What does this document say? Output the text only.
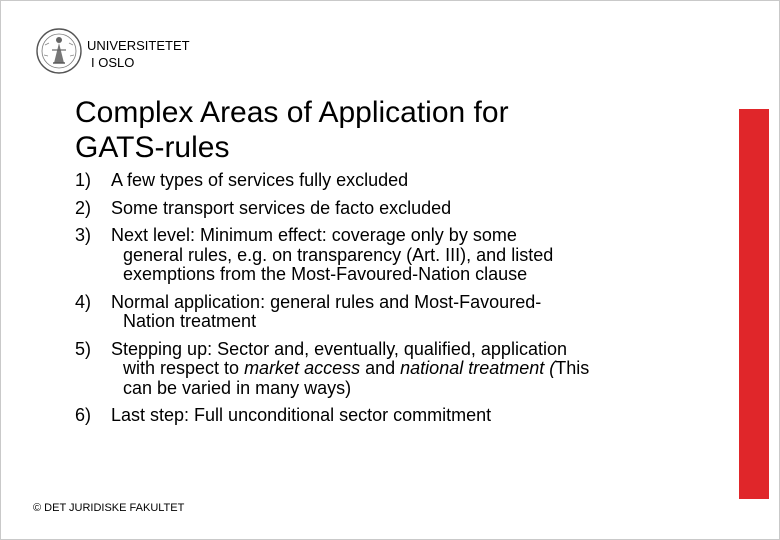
UNIVERSITETET
I OSLO
Complex Areas of Application for
GATS-rules
1)	A few types of services fully excluded
2)	Some transport services de facto excluded
3)	Next level: Minimum effect: coverage only by some
general rules, e.g. on transparency (Art. III), and listed
exemptions from the Most-Favoured-Nation clause
4)	Normal application: general rules and Most-Favoured-
Nation treatment
5)	Stepping up: Sector and, eventually, qualified, application
with respect to market access and national treatment (This
can be varied in many ways)
6)	Last step: Full unconditional sector commitment
© DET JURIDISKE FAKULTET
